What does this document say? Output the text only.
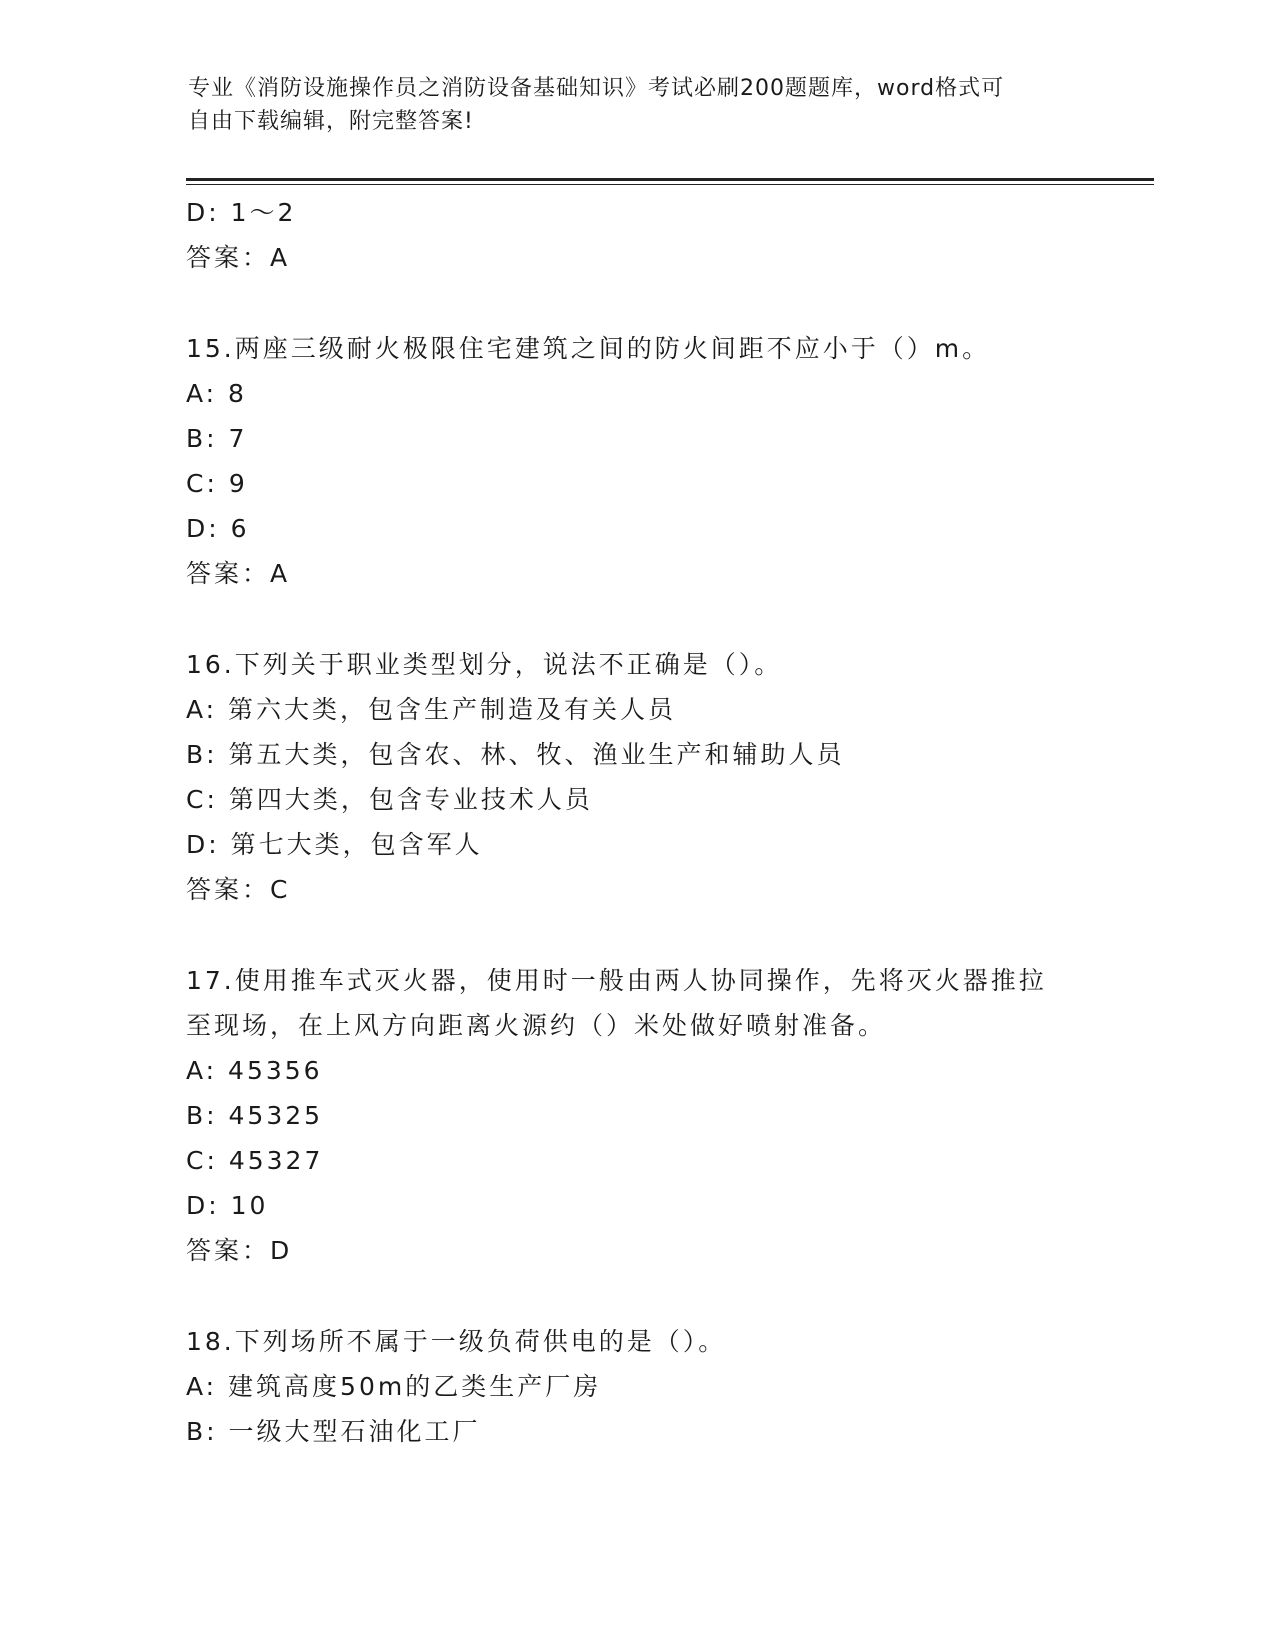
专业《消防设施操作员之消防设备基础知识》考试必刷200题题库，word格式可
自由下载编辑，附完整答案!
D: 1～2
答案：A
15.两座三级耐火极限住宅建筑之间的防火间距不应小于（）m。
A: 8
B: 7
C: 9
D: 6
答案：A
16.下列关于职业类型划分，说法不正确是（）。
A: 第六大类，包含生产制造及有关人员
B: 第五大类，包含农、林、牧、渔业生产和辅助人员
C: 第四大类，包含专业技术人员
D: 第七大类，包含军人
答案：C
17.使用推车式灭火器，使用时一般由两人协同操作，先将灭火器推拉
至现场，在上风方向距离火源约（）米处做好喷射准备。
A: 45356
B: 45325
C: 45327
D: 10
答案：D
18.下列场所不属于一级负荷供电的是（）。
A: 建筑高度50m的乙类生产厂房
B: 一级大型石油化工厂
